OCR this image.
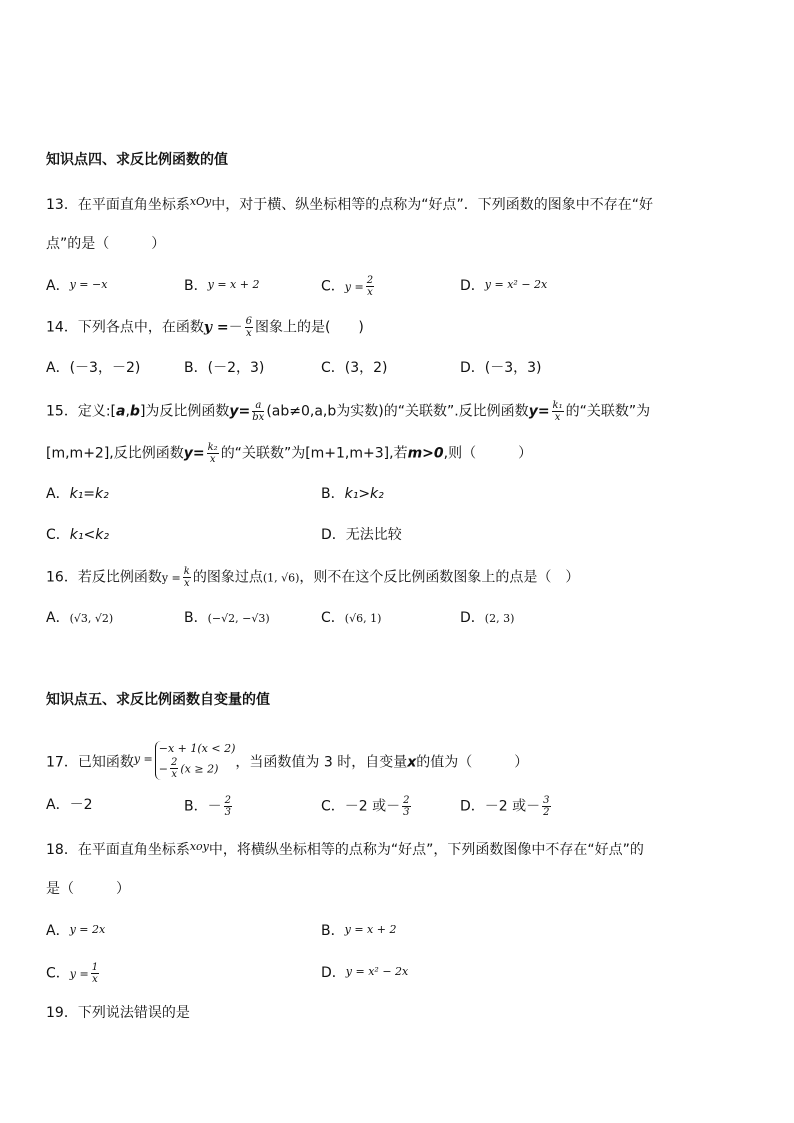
知识点四、求反比例函数的值
13．在平面直角坐标系$^{xOy}$中，对于横、纵坐标相等的点称为“好点”．下列函数的图象中不存在“好
点”的是（　　　）
A．y = −x	B．y = x + 2	C．$y = \frac{2}{x}$	D．y = x² − 2x
14．下列各点中，在函数$y =- \frac{6}{x}$ 图象上的是(　　)
A．(－3，－2)	B．(－2，3)	C．(3，2)	D．(－3，3)
15．定义:[a,b]为反比例函数$y= \frac{a}{bx} (ab\ne 0,a,b$为实数)的“关联数”.反比例函数$y= \frac{\text{k₁}}{x}$ 的“关联数”为
[m,m+2],反比例函数$y= \frac{\text{k₂}}{x}$ 的“关联数”为[m+1,m+3],若m>0,则（　　　）
A．k₁=k₂	B．k₁>k₂
C．k₁<k₂	D．无法比较
16．若反比例函数$y = \frac{k}{x}$ 的图象过点(1, √6)，则不在这个反比例函数图象上的点是（　）
A．(√3, √2)	B．(−√2, −√3)	C．(√6, 1)	D．(2, 3)
知识点五、求反比例函数自变量的值
17．已知函数$^{y =}$
−x + 1(x < 2)
− $\frac{2}{x} (x \ge 2)$	，当函数值为 3 时，自变量x的值为（　　　）
A．－2	B．－ $\frac{2}{3}$	C．－2 或－ $\frac{2}{3}$	D．－2 或－ $\frac{3}{2}$
18．在平面直角坐标系$^{xoy}$中，将横纵坐标相等的点称为“好点”，下列函数图像中不存在“好点”的
是（　　　）
A．y = 2x	B．y = x + 2
C．$y = \frac{1}{x}$	D．y = x² − 2x
19．下列说法错误的是
